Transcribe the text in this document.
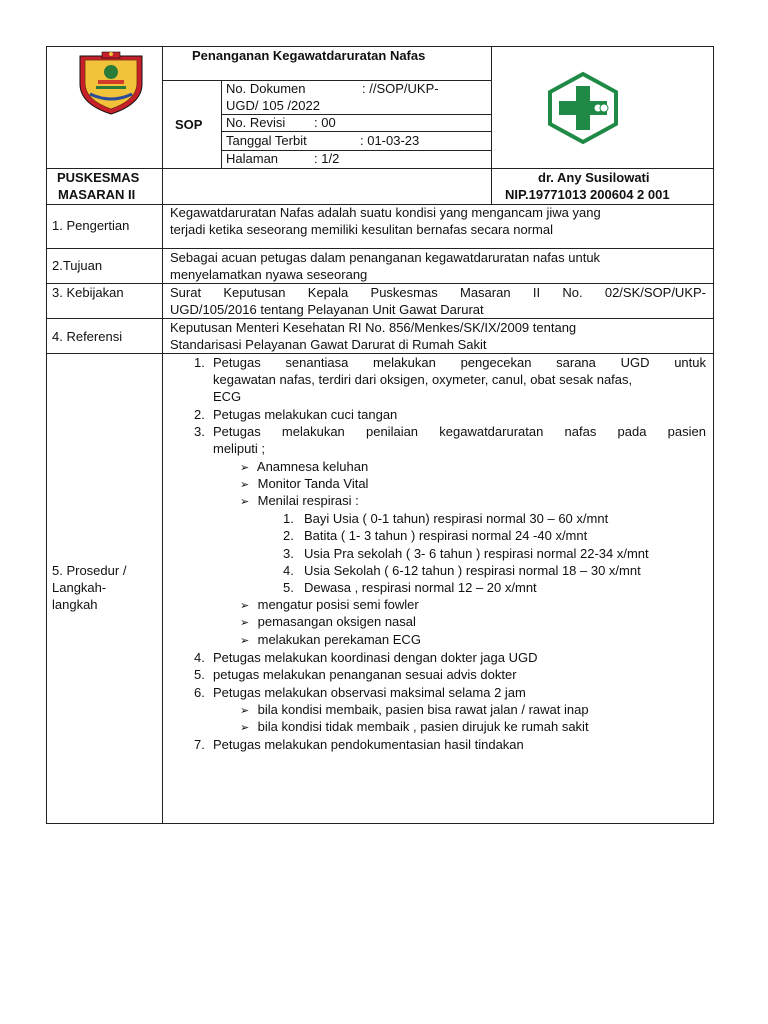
Penanganan Kegawatdaruratan Nafas
SOP
No. Dokumen	: //SOP/UKP-
UGD/ 105 /2022
No. Revisi : 00
Tanggal Terbit	: 01-03-23
Halaman	: 1/2
PUSKESMAS
MASARAN II
dr. Any Susilowati
NIP.19771013 200604 2 001
1. Pengertian
Kegawatdaruratan Nafas adalah suatu kondisi yang mengancam jiwa yang
terjadi ketika seseorang memiliki kesulitan bernafas secara normal
2.Tujuan
Sebagai acuan petugas dalam penanganan kegawatdaruratan nafas untuk
menyelamatkan nyawa seseorang
3. Kebijakan	Surat Keputusan Kepala Puskesmas Masaran II No. 02/SK/SOP/UKP-
UGD/105/2016 tentang Pelayanan Unit Gawat Darurat
4. Referensi
Keputusan Menteri Kesehatan RI No. 856/Menkes/SK/IX/2009 tentang
Standarisasi Pelayanan Gawat Darurat di Rumah Sakit
5. Prosedur /
Langkah-
langkah
1. Petugas senantiasa melakukan pengecekan sarana UGD untuk
kegawatan nafas, terdiri dari oksigen, oxymeter, canul, obat sesak nafas,
ECG
2. Petugas melakukan cuci tangan
3. Petugas melakukan penilaian kegawatdaruratan nafas pada pasien
meliputi ;
➢ Anamnesa keluhan
➢ Monitor Tanda Vital
➢ Menilai respirasi :
1. Bayi Usia ( 0-1 tahun) respirasi normal 30 – 60 x/mnt
2. Batita ( 1- 3 tahun ) respirasi normal 24 -40 x/mnt
3. Usia Pra sekolah ( 3- 6 tahun ) respirasi normal 22-34 x/mnt
4. Usia Sekolah ( 6-12 tahun ) respirasi normal 18 – 30 x/mnt
5. Dewasa , respirasi normal 12 – 20 x/mnt
➢ mengatur posisi semi fowler
➢ pemasangan oksigen nasal
➢ melakukan perekaman ECG
4. Petugas melakukan koordinasi dengan dokter jaga UGD
5. petugas melakukan penanganan sesuai advis dokter
6. Petugas melakukan observasi maksimal selama 2 jam
➢ bila kondisi membaik, pasien bisa rawat jalan / rawat inap
➢ bila kondisi tidak membaik , pasien dirujuk ke rumah sakit
7. Petugas melakukan pendokumentasian hasil tindakan
